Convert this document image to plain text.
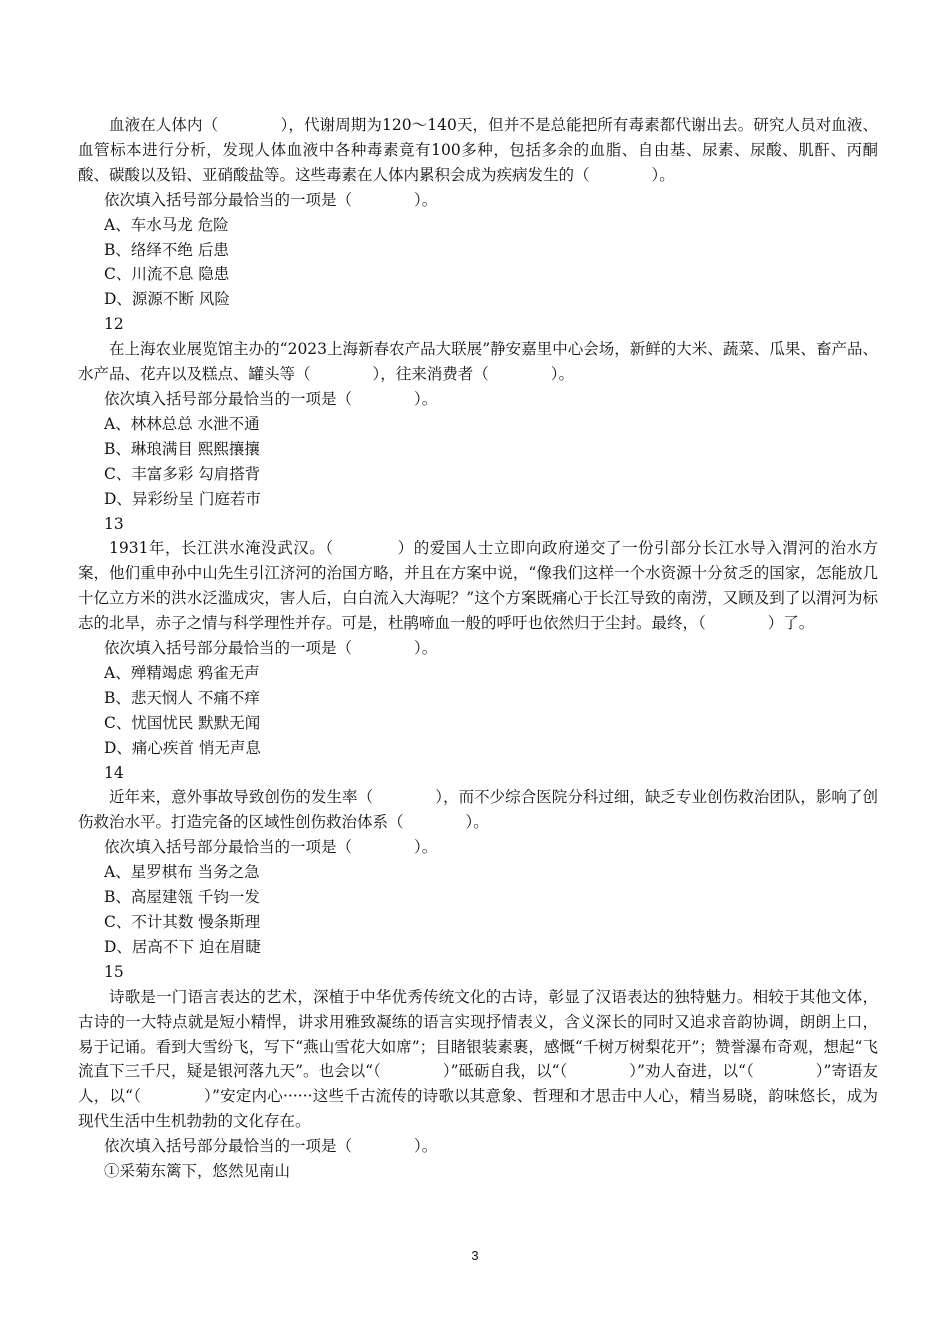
血液在人体内（　　　　），代谢周期为120～140天，但并不是总能把所有毒素都代谢出去。研究人员对血液、血管标本进行分析，发现人体血液中各种毒素竟有100多种，包括多余的血脂、自由基、尿素、尿酸、肌酐、丙酮酸、碳酸以及铅、亚硝酸盐等。这些毒素在人体内累积会成为疾病发生的（　　　　）。

依次填入括号部分最恰当的一项是（　　　　）。

A、车水马龙 危险

B、络绎不绝 后患

C、川流不息 隐患

D、源源不断 风险

12

在上海农业展览馆主办的“2023上海新春农产品大联展”静安嘉里中心会场，新鲜的大米、蔬菜、瓜果、畜产品、水产品、花卉以及糕点、罐头等（　　　　），往来消费者（　　　　）。

依次填入括号部分最恰当的一项是（　　　　）。

A、林林总总 水泄不通

B、琳琅满目 熙熙攘攘

C、丰富多彩 勾肩搭背

D、异彩纷呈 门庭若市

13

1931年，长江洪水淹没武汉。（　　　　）的爱国人士立即向政府递交了一份引部分长江水导入渭河的治水方案，他们重申孙中山先生引江济河的治国方略，并且在方案中说，“像我们这样一个水资源十分贫乏的国家，怎能放几十亿立方米的洪水泛滥成灾，害人后，白白流入大海呢？”这个方案既痛心于长江导致的南涝，又顾及到了以渭河为标志的北旱，赤子之情与科学理性并存。可是，杜鹃啼血一般的呼吁也依然归于尘封。最终，（　　　　）了。

依次填入括号部分最恰当的一项是（　　　　）。

A、殚精竭虑 鸦雀无声

B、悲天悯人 不痛不痒

C、忧国忧民 默默无闻

D、痛心疾首 悄无声息

14

近年来，意外事故导致创伤的发生率（　　　　），而不少综合医院分科过细，缺乏专业创伤救治团队，影响了创伤救治水平。打造完备的区域性创伤救治体系（　　　　）。

依次填入括号部分最恰当的一项是（　　　　）。

A、星罗棋布 当务之急

B、高屋建瓴 千钧一发

C、不计其数 慢条斯理

D、居高不下 迫在眉睫

15

诗歌是一门语言表达的艺术，深植于中华优秀传统文化的古诗，彰显了汉语表达的独特魅力。相较于其他文体，古诗的一大特点就是短小精悍，讲求用雅致凝练的语言实现抒情表义，含义深长的同时又追求音韵协调，朗朗上口，易于记诵。看到大雪纷飞，写下“燕山雪花大如席”；目睹银装素裹，感慨“千树万树梨花开”；赞誉瀑布奇观，想起“飞流直下三千尺，疑是银河落九天”。也会以“（　　　　）”砥砺自我，以“（　　　　）”劝人奋进，以“（　　　　）”寄语友人，以“（　　　　）”安定内心······这些千古流传的诗歌以其意象、哲理和才思击中人心，精当易晓，韵味悠长，成为现代生活中生机勃勃的文化存在。

依次填入括号部分最恰当的一项是（　　　　）。

①采菊东篱下，悠然见南山

3
